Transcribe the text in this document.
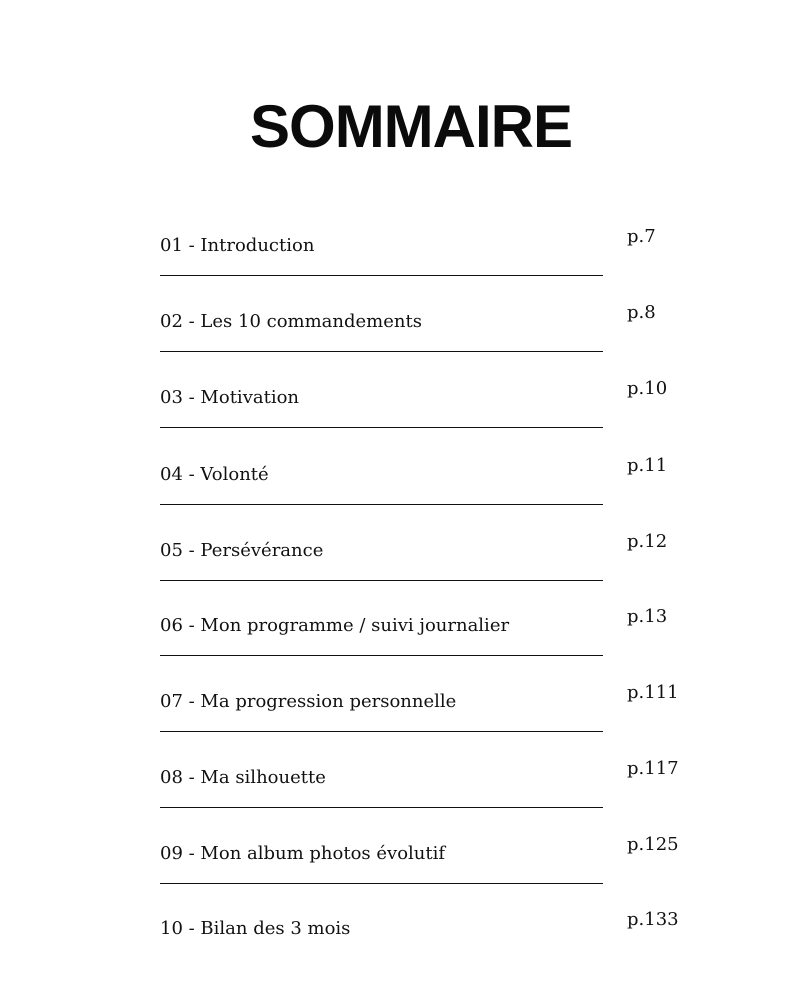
SOMMAIRE
01 - Introduction	p.7
02 - Les 10 commandements	p.8
03 - Motivation	p.10
04 - Volonté	p.11
05 - Persévérance	p.12
06 - Mon programme / suivi journalier	p.13
07 - Ma progression personnelle	p.111
08 - Ma silhouette	p.117
09 - Mon album photos évolutif	p.125
10 - Bilan des 3 mois	p.133
